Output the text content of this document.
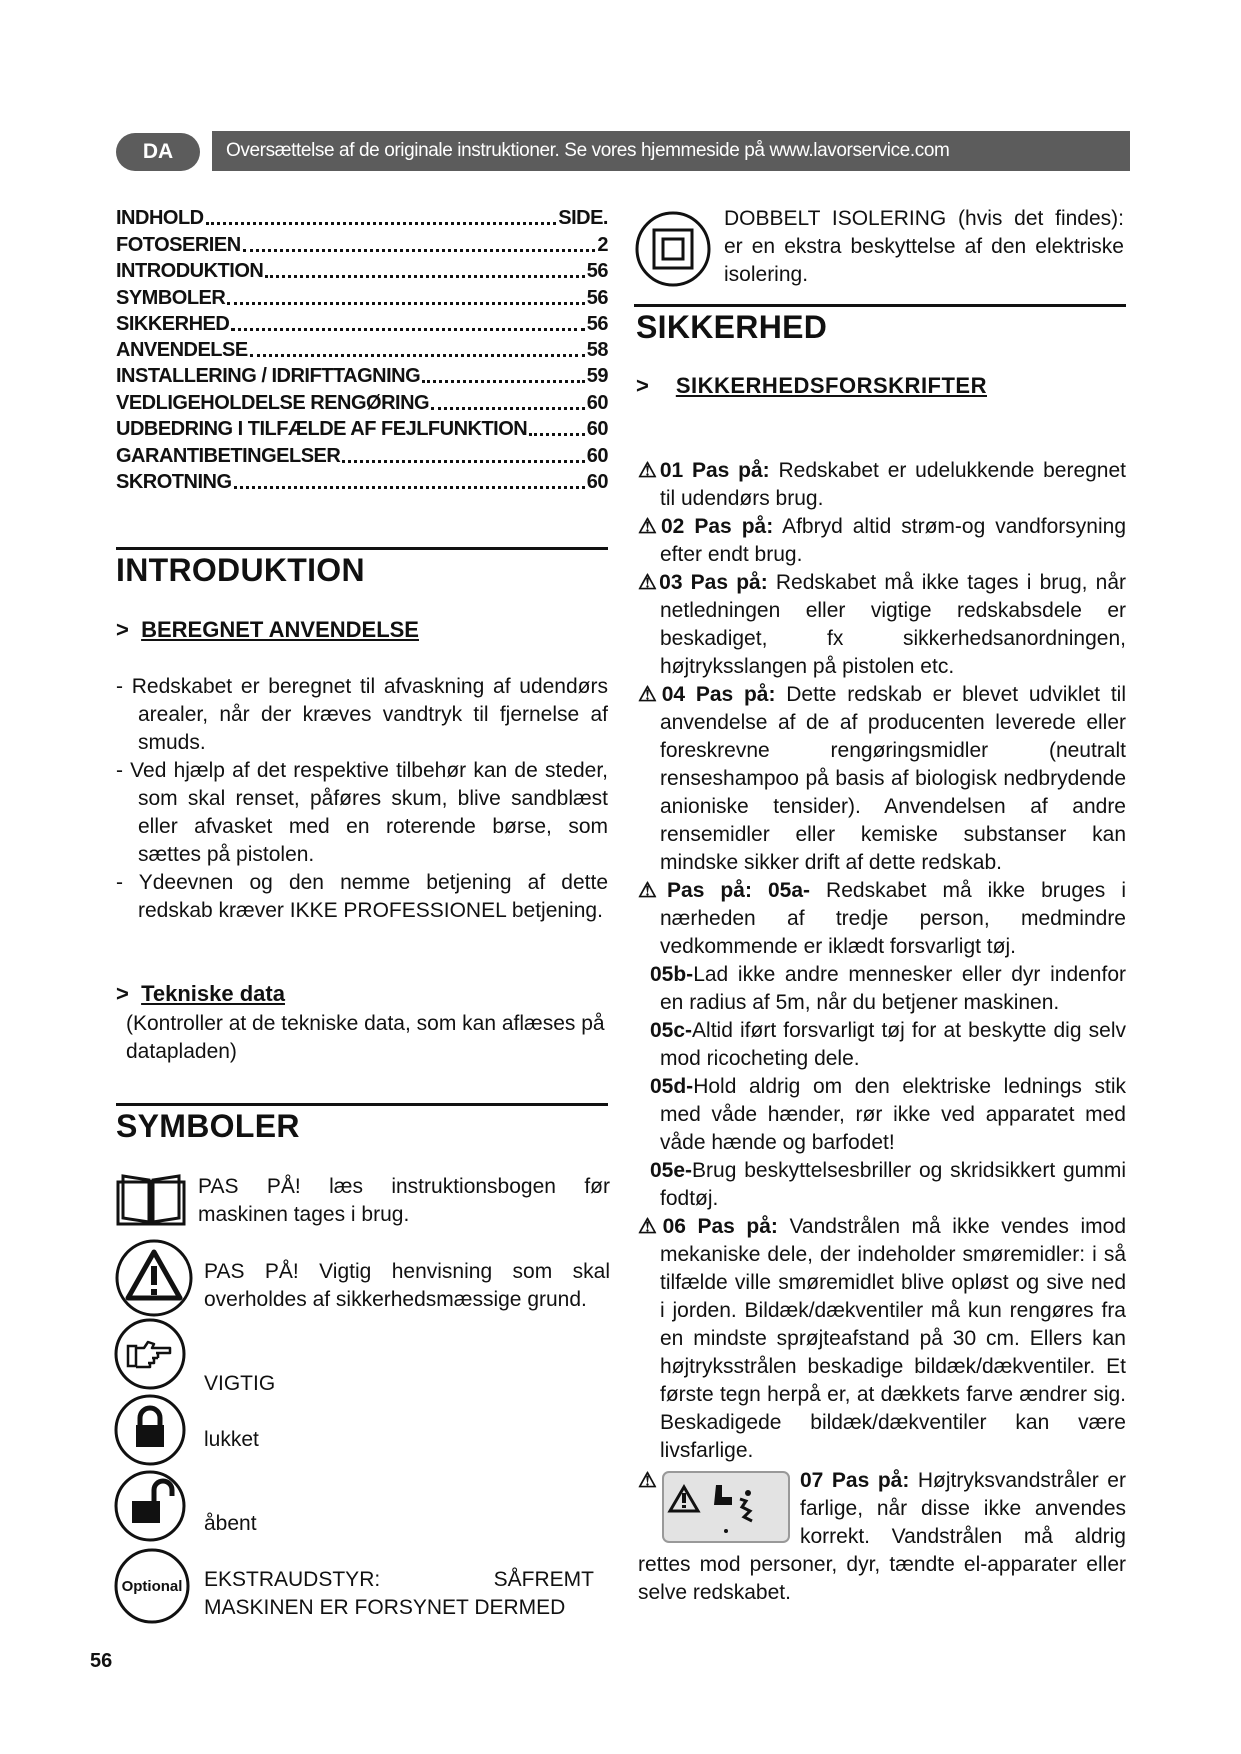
Oversættelse af de originale instruktioner. Se vores hjemmeside på www.lavorservice.com
DA
INDHOLD	SIDE.
FOTOSERIEN	2
INTRODUKTION	56
SYMBOLER	56
SIKKERHED	56
ANVENDELSE	58
INSTALLERING / IDRIFTTAGNING	59
VEDLIGEHOLDELSE RENGØRING	60
UDBEDRING I TILFÆLDE AF FEJLFUNKTION	60
GARANTIBETINGELSER	60
SKROTNING	60
INTRODUKTION
> BEREGNET ANVENDELSE
- Redskabet er beregnet til afvaskning af udendørs arealer, når der kræves vandtryk til fjernelse af smuds.
- Ved hjælp af det respektive tilbehør kan de steder, som skal renset, påføres skum, blive sandblæst eller afvasket med en roterende børse, som sættes på pistolen.
- Ydeevnen og den nemme betjening af dette redskab kræver IKKE PROFESSIONEL betjening.
> Tekniske data
(Kontroller at de tekniske data, som kan aflæses på datapladen)
SYMBOLER
PAS PÅ! læs instruktionsbogen før maskinen tages i brug.
PAS PÅ! Vigtig henvisning som skal overholdes af sikkerhedsmæssige grund.
VIGTIG
lukket
åbent
Optional EKSTRAUDSTYR: SÅFREMT MASKINEN ER FORSYNET DERMED
DOBBELT ISOLERING (hvis det findes): er en ekstra beskyttelse af den elektriske isolering.
SIKKERHED
> SIKKERHEDSFORSKRIFTER
⚠01 Pas på: Redskabet er udelukkende beregnet til udendørs brug.
⚠02 Pas på: Afbryd altid strøm-og vandforsyning efter endt brug.
⚠03 Pas på: Redskabet må ikke tages i brug, når netledningen eller vigtige redskabsdele er beskadiget, fx sikkerhedsanordningen, højtryksslangen på pistolen etc.
⚠04 Pas på: Dette redskab er blevet udviklet til anvendelse af de af producenten leverede eller foreskrevne rengøringsmidler (neutralt renseshampoo på basis af biologisk nedbrydende anioniske tensider). Anvendelsen af andre rensemidler eller kemiske substanser kan mindske sikker drift af dette redskab.
⚠Pas på: 05a- Redskabet må ikke bruges i nærheden af tredje person, medmindre vedkommende er iklædt forsvarligt tøj.
05b-Lad ikke andre mennesker eller dyr indenfor en radius af 5m, når du betjener maskinen.
05c-Altid iført forsvarligt tøj for at beskytte dig selv mod ricocheting dele.
05d-Hold aldrig om den elektriske lednings stik med våde hænder, rør ikke ved apparatet med våde hænde og barfodet!
05e-Brug beskyttelsesbriller og skridsikkert gummi fodtøj.
⚠06 Pas på: Vandstrålen må ikke vendes imod mekaniske dele, der indeholder smøremidler: i så tilfælde ville smøremidlet blive opløst og sive ned i jorden. Bildæk/dækventiler må kun rengøres fra en mindste sprøjteafstand på 30 cm. Ellers kan højtryksstrålen beskadige bildæk/dækventiler. Et første tegn herpå er, at dækkets farve ændrer sig. Beskadigede bildæk/dækventiler kan være livsfarlige.
⚠	07 Pas på: Højtryksvandstråler er farlige, når disse ikke anvendes korrekt. Vandstrålen må aldrig rettes mod personer, dyr, tændte el-apparater eller selve redskabet.
56
